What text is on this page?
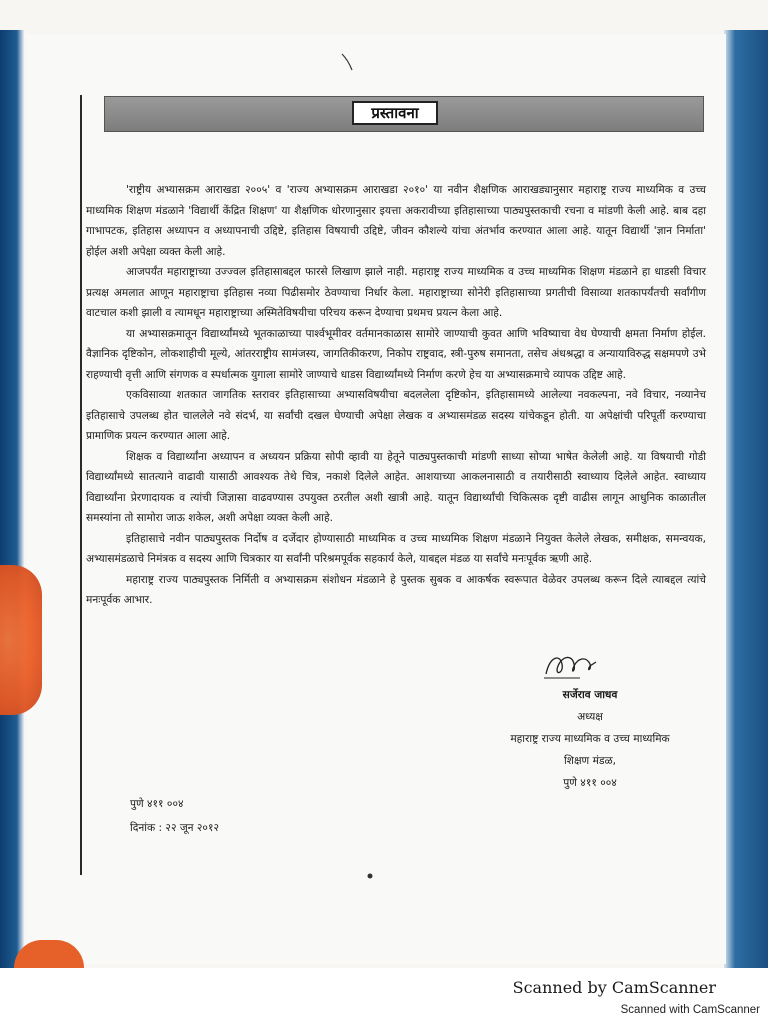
प्रस्तावना

'राष्ट्रीय अभ्यासक्रम आराखडा २००५' व 'राज्य अभ्यासक्रम आराखडा २०१०' या नवीन शैक्षणिक आराखड्यानुसार महाराष्ट्र राज्य माध्यमिक व उच्च माध्यमिक शिक्षण मंडळाने 'विद्यार्थी केंद्रित शिक्षण' या शैक्षणिक धोरणानुसार इयत्ता अकरावीच्या इतिहासाच्या पाठ्यपुस्तकाची रचना व मांडणी केली आहे. बाब दहा गाभापटक, इतिहास अध्यापन व अध्यापनाची उद्दिष्टे, इतिहास विषयाची उद्दिष्टे, जीवन कौशल्ये यांचा अंतर्भाव करण्यात आला आहे. यातून विद्यार्थी 'ज्ञान निर्माता' होईल अशी अपेक्षा व्यक्त केली आहे.

आजपर्यंत महाराष्ट्राच्या उज्ज्वल इतिहासाबद्दल फारसे लिखाण झाले नाही. महाराष्ट्र राज्य माध्यमिक व उच्च माध्यमिक शिक्षण मंडळाने हा धाडसी विचार प्रत्यक्ष अमलात आणून महाराष्ट्राचा इतिहास नव्या पिढीसमोर ठेवण्याचा निर्धार केला. महाराष्ट्राच्या सोनेरी इतिहासाच्या प्रगतीची विसाव्या शतकापर्यंतची सर्वांगीण वाटचाल कशी झाली व त्यामधून महाराष्ट्राच्या अस्मितेविषयीचा परिचय करून देण्याचा प्रथमच प्रयत्न केला आहे.

या अभ्यासक्रमातून विद्यार्थ्यांमध्ये भूतकाळाच्या पार्श्वभूमीवर वर्तमानकाळास सामोरे जाण्याची कुवत आणि भविष्याचा वेध घेण्याची क्षमता निर्माण होईल. वैज्ञानिक दृष्टिकोन, लोकशाहीची मूल्ये, आंतरराष्ट्रीय सामंजस्य, जागतिकीकरण, निकोप राष्ट्रवाद, स्त्री-पुरुष समानता, तसेच अंधश्रद्धा व अन्यायाविरुद्ध सक्षमपणे उभे राहण्याची वृत्ती आणि संगणक व स्पर्धात्मक युगाला सामोरे जाण्याचे धाडस विद्यार्थ्यांमध्ये निर्माण करणे हेच या अभ्यासक्रमाचे व्यापक उद्दिष्ट आहे.

एकविसाव्या शतकात जागतिक स्तरावर इतिहासाच्या अभ्यासविषयीचा बदललेला दृष्टिकोन, इतिहासामध्ये आलेल्या नवकल्पना, नवे विचार, नव्यानेच इतिहासाचे उपलब्ध होत चाललेले नवे संदर्भ, या सर्वांची दखल घेण्याची अपेक्षा लेखक व अभ्यासमंडळ सदस्य यांचेकडून होती. या अपेक्षांची परिपूर्ती करण्याचा प्रामाणिक प्रयत्न करण्यात आला आहे.

शिक्षक व विद्यार्थ्यांना अध्यापन व अध्ययन प्रक्रिया सोपी व्हावी या हेतूने पाठ्यपुस्तकाची मांडणी साध्या सोप्या भाषेत केलेली आहे. या विषयाची गोडी विद्यार्थ्यांमध्ये सातत्याने वाढावी यासाठी आवश्यक तेथे चित्र, नकाशे दिलेले आहेत. आशयाच्या आकलनासाठी व तयारीसाठी स्वाध्याय दिलेले आहेत. स्वाध्याय विद्यार्थ्यांना प्रेरणादायक व त्यांची जिज्ञासा वाढवण्यास उपयुक्त ठरतील अशी खात्री आहे. यातून विद्यार्थ्यांची चिकित्सक दृष्टी वाढीस लागून आधुनिक काळातील समस्यांना तो सामोरा जाऊ शकेल, अशी अपेक्षा व्यक्त केली आहे.

इतिहासाचे नवीन पाठ्यपुस्तक निर्दोष व दर्जेदार होण्यासाठी माध्यमिक व उच्च माध्यमिक शिक्षण मंडळाने नियुक्त केलेले लेखक, समीक्षक, समन्वयक, अभ्यासमंडळाचे निमंत्रक व सदस्य आणि चित्रकार या सर्वांनी परिश्रमपूर्वक सहकार्य केले, याबद्दल मंडळ या सर्वांचे मनःपूर्वक ऋणी आहे.

महाराष्ट्र राज्य पाठ्यपुस्तक निर्मिती व अभ्यासक्रम संशोधन मंडळाने हे पुस्तक सुबक व आकर्षक स्वरूपात वेळेवर उपलब्ध करून दिले त्याबद्दल त्यांचे मनःपूर्वक आभार.

सर्जेराव जाधव
अध्यक्ष
महाराष्ट्र राज्य माध्यमिक व उच्च माध्यमिक
शिक्षण मंडळ,
पुणे ४११ ००४
पुणे ४११ ००४
दिनांक : २२ जून २०१२
Scanned by CamScanner
Scanned with CamScanner
